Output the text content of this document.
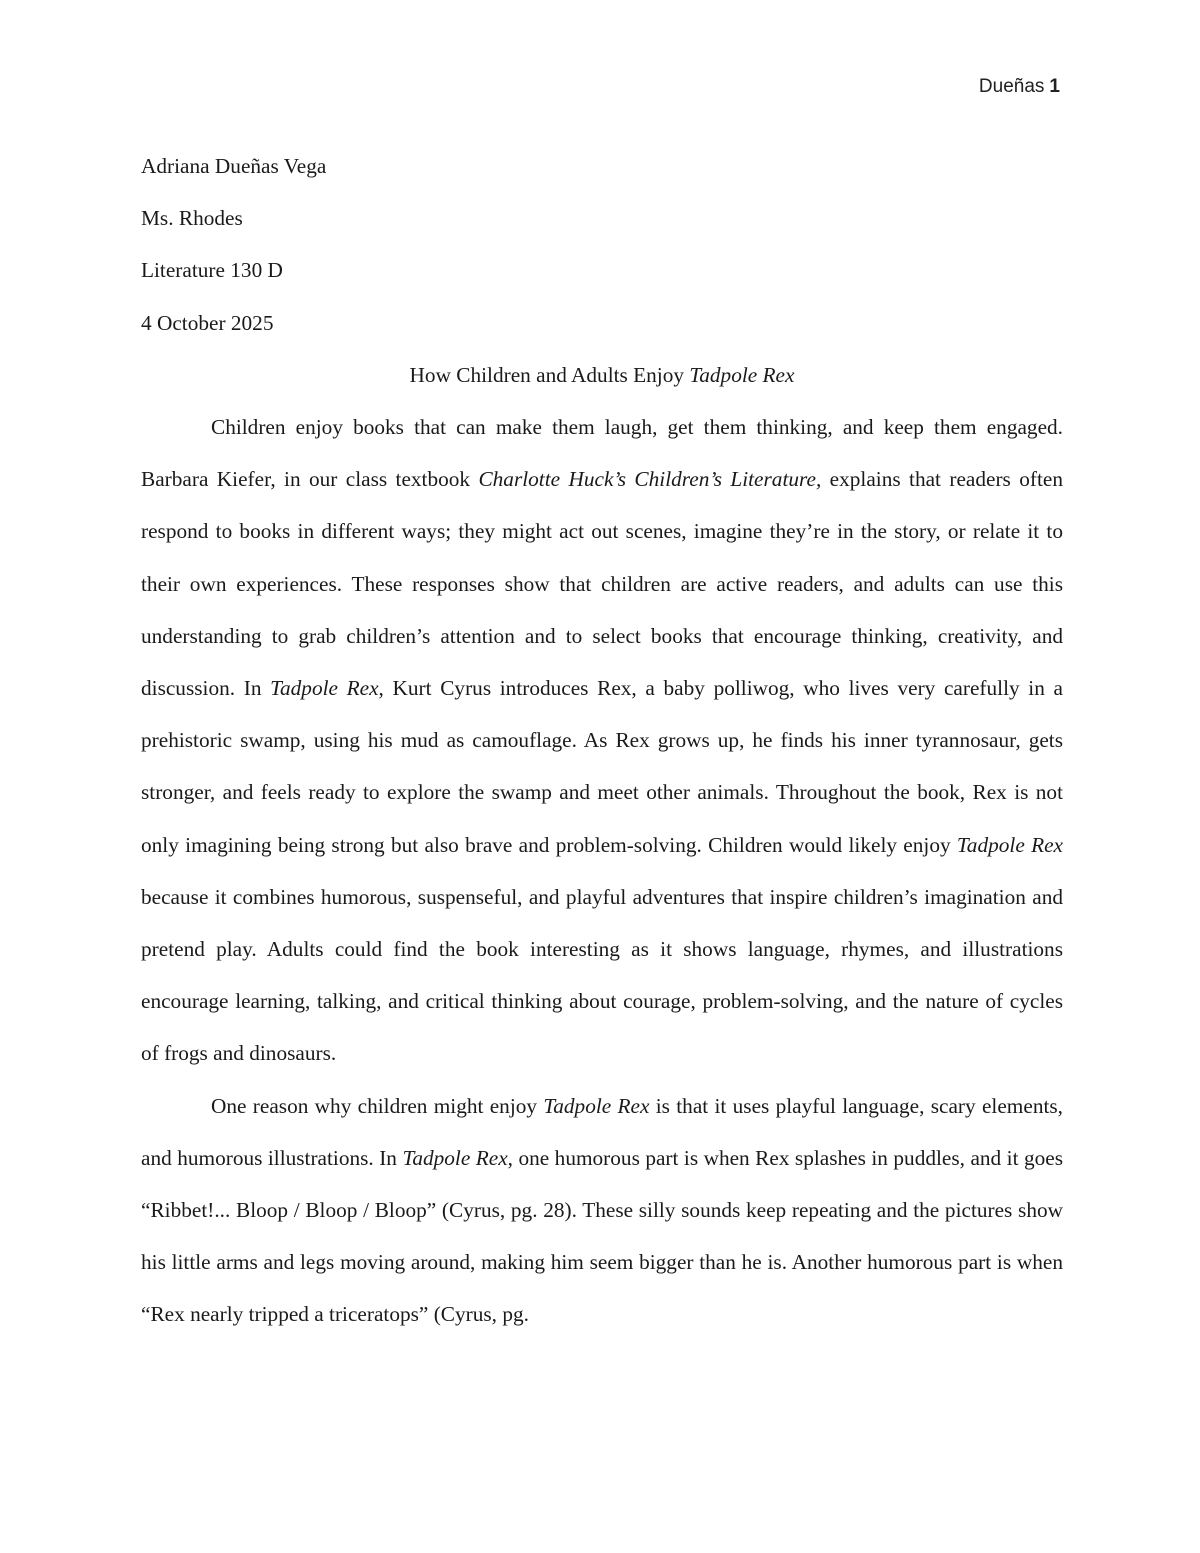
Dueñas 1

Adriana Dueñas Vega

Ms. Rhodes

Literature 130 D

4 October 2025

How Children and Adults Enjoy Tadpole Rex

Children enjoy books that can make them laugh, get them thinking, and keep them engaged. Barbara Kiefer, in our class textbook Charlotte Huck’s Children’s Literature, explains that readers often respond to books in different ways; they might act out scenes, imagine they’re in the story, or relate it to their own experiences. These responses show that children are active readers, and adults can use this understanding to grab children’s attention and to select books that encourage thinking, creativity, and discussion. In Tadpole Rex, Kurt Cyrus introduces Rex, a baby polliwog, who lives very carefully in a prehistoric swamp, using his mud as camouflage. As Rex grows up, he finds his inner tyrannosaur, gets stronger, and feels ready to explore the swamp and meet other animals. Throughout the book, Rex is not only imagining being strong but also brave and problem-solving. Children would likely enjoy Tadpole Rex because it combines humorous, suspenseful, and playful adventures that inspire children’s imagination and pretend play. Adults could find the book interesting as it shows language, rhymes, and illustrations encourage learning, talking, and critical thinking about courage, problem-solving, and the nature of cycles of frogs and dinosaurs.

One reason why children might enjoy Tadpole Rex is that it uses playful language, scary elements, and humorous illustrations. In Tadpole Rex, one humorous part is when Rex splashes in puddles, and it goes “Ribbet!... Bloop / Bloop / Bloop” (Cyrus, pg. 28). These silly sounds keep repeating and the pictures show his little arms and legs moving around, making him seem bigger than he is. Another humorous part is when “Rex nearly tripped a triceratops” (Cyrus, pg.
